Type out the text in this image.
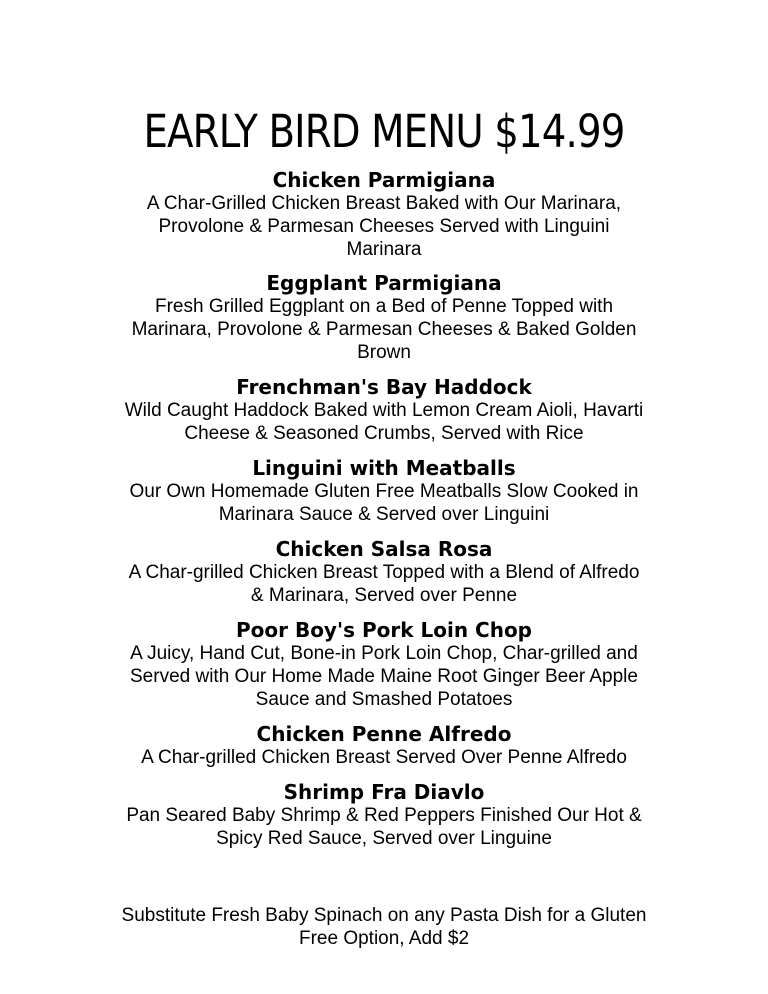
EARLY BIRD MENU $14.99
Chicken Parmigiana
A Char-Grilled Chicken Breast Baked with Our Marinara,
Provolone & Parmesan Cheeses Served with Linguini
Marinara
Eggplant Parmigiana
Fresh Grilled Eggplant on a Bed of Penne Topped with
Marinara, Provolone & Parmesan Cheeses & Baked Golden
Brown
Frenchman's Bay Haddock
Wild Caught Haddock Baked with Lemon Cream Aioli, Havarti
Cheese & Seasoned Crumbs, Served with Rice
Linguini with Meatballs
Our Own Homemade Gluten Free Meatballs Slow Cooked in
Marinara Sauce & Served over Linguini
Chicken Salsa Rosa
A Char-grilled Chicken Breast Topped with a Blend of Alfredo
& Marinara, Served over Penne
Poor Boy's Pork Loin Chop
A Juicy, Hand Cut, Bone-in Pork Loin Chop, Char-grilled and
Served with Our Home Made Maine Root Ginger Beer Apple
Sauce and Smashed Potatoes
Chicken Penne Alfredo
A Char-grilled Chicken Breast Served Over Penne Alfredo
Shrimp Fra Diavlo
Pan Seared Baby Shrimp & Red Peppers Finished Our Hot &
Spicy Red Sauce, Served over Linguine
Substitute Fresh Baby Spinach on any Pasta Dish for a Gluten
Free Option, Add $2
